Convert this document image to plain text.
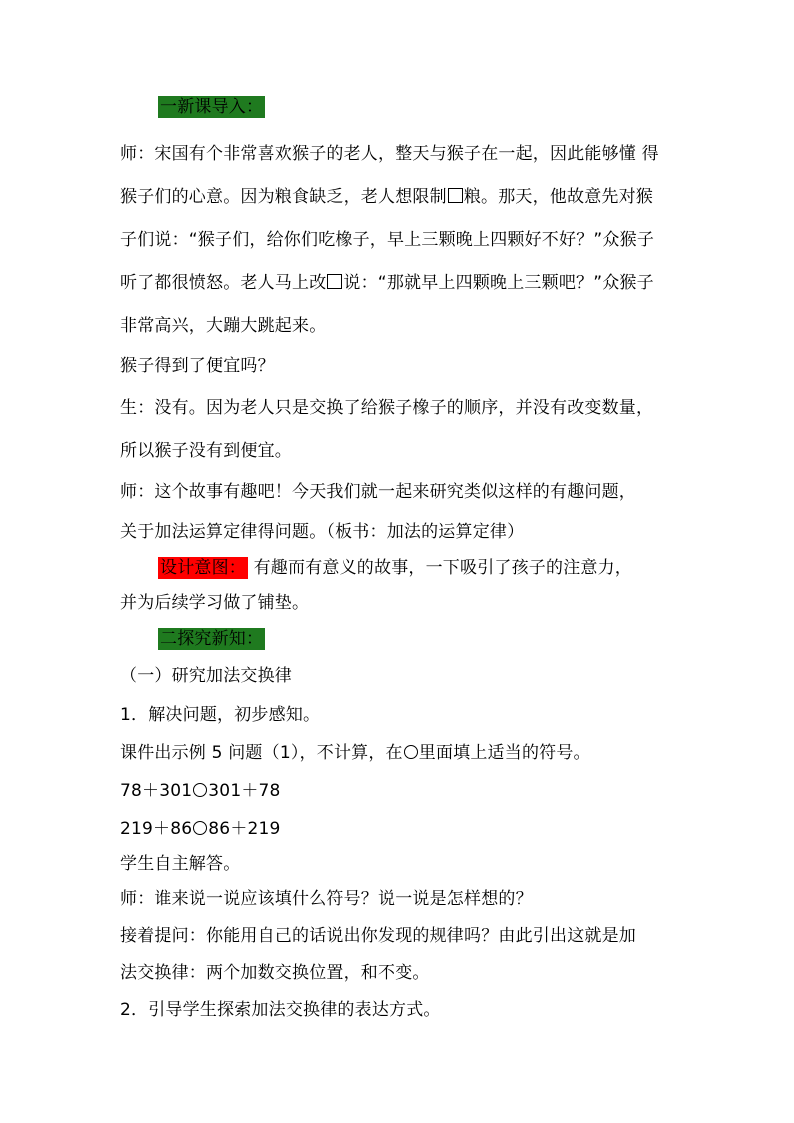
一新课导入：
师：宋国有个非常喜欢猴子的老人，整天与猴子在一起，因此能够懂 得
猴子们的心意。因为粮食缺乏，老人想限制 粮。那天，他故意先对猴
子们说：“猴子们，给你们吃橡子，早上三颗晚上四颗好不好？”众猴子
听了都很愤怒。老人马上改 说：“那就早上四颗晚上三颗吧？”众猴子
非常高兴，大蹦大跳起来。
猴子得到了便宜吗？
生：没有。因为老人只是交换了给猴子橡子的顺序，并没有改变数量，
所以猴子没有到便宜。
师：这个故事有趣吧！今天我们就一起来研究类似这样的有趣问题，
关于加法运算定律得问题。（板书：加法的运算定律）
设计意图： 有趣而有意义的故事，一下吸引了孩子的注意力，
并为后续学习做了铺垫。
二探究新知：
（一）研究加法交换律
1．解决问题，初步感知。
课件出示例 5 问题（1），不计算，在 里面填上适当的符号。
78＋301 301＋78
219＋86 86＋219
学生自主解答。
师：谁来说一说应该填什么符号？说一说是怎样想的？
接着提问：你能用自己的话说出你发现的规律吗？由此引出这就是加
法交换律：两个加数交换位置，和不变。
2．引导学生探索加法交换律的表达方式。
